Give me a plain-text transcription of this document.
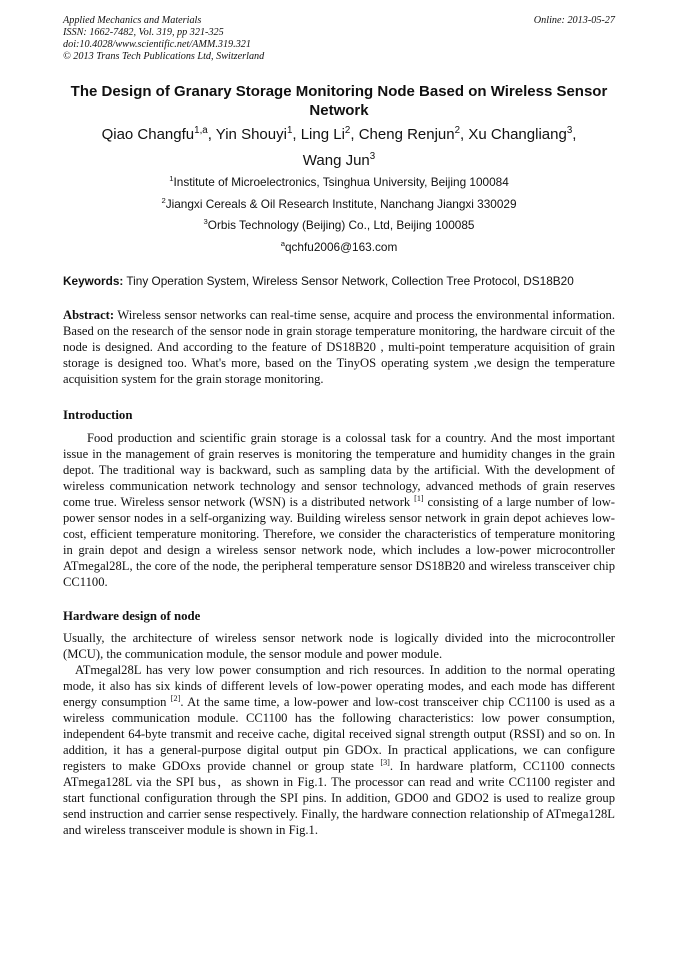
Applied Mechanics and Materials	Online: 2013-05-27
ISSN: 1662-7482, Vol. 319, pp 321-325
doi:10.4028/www.scientific.net/AMM.319.321
© 2013 Trans Tech Publications Ltd, Switzerland
The Design of Granary Storage Monitoring Node Based on Wireless Sensor Network
Qiao Changfu$^{1,a}$, Yin Shouyi$^1$, Ling Li$^2$, Cheng Renjun$^2$, Xu Changliang$^3$,
Wang Jun$^3$
$^1$Institute of Microelectronics, Tsinghua University, Beijing 100084
$^2$Jiangxi Cereals & Oil Research Institute, Nanchang Jiangxi 330029
$^3$Orbis Technology (Beijing) Co., Ltd, Beijing 100085
$^a$qchfu2006@163.com
Keywords: Tiny Operation System, Wireless Sensor Network, Collection Tree Protocol, DS18B20
Abstract: Wireless sensor networks can real-time sense, acquire and process the environmental information. Based on the research of the sensor node in grain storage temperature monitoring, the hardware circuit of the node is designed. And according to the feature of DS18B20 , multi-point temperature acquisition of grain storage is designed too. What's more, based on the TinyOS operating system ,we design the temperature acquisition system for the grain storage monitoring.
Introduction
Food production and scientific grain storage is a colossal task for a country. And the most important issue in the management of grain reserves is monitoring the temperature and humidity changes in the grain depot. The traditional way is backward, such as sampling data by the artificial. With the development of wireless communication network technology and sensor technology, advanced methods of grain reserves come true. Wireless sensor network (WSN) is a distributed network [1] consisting of a large number of low-power sensor nodes in a self-organizing way. Building wireless sensor network in grain depot achieves low-cost, efficient temperature monitoring. Therefore, we consider the characteristics of temperature monitoring in grain depot and design a wireless sensor network node, which includes a low-power microcontroller ATmegal28L, the core of the node, the peripheral temperature sensor DS18B20 and wireless transceiver chip CC1100.
Hardware design of node
Usually, the architecture of wireless sensor network node is logically divided into the microcontroller (MCU), the communication module, the sensor module and power module.
ATmegal28L has very low power consumption and rich resources. In addition to the normal operating mode, it also has six kinds of different levels of low-power operating modes, and each mode has different energy consumption [2]. At the same time, a low-power and low-cost transceiver chip CC1100 is used as a wireless communication module. CC1100 has the following characteristics: low power consumption, independent 64-byte transmit and receive cache, digital received signal strength output (RSSI) and so on. In addition, it has a general-purpose digital output pin GDOx. In practical applications, we can configure registers to make GDOxs provide channel or group state [3]. In hardware platform, CC1100 connects ATmega128L via the SPI bus，as shown in Fig.1. The processor can read and write CC1100 register and start functional configuration through the SPI pins. In addition, GDO0 and GDO2 is used to realize group send instruction and carrier sense respectively. Finally, the hardware connection relationship of ATmega128L and wireless transceiver module is shown in Fig.1.
